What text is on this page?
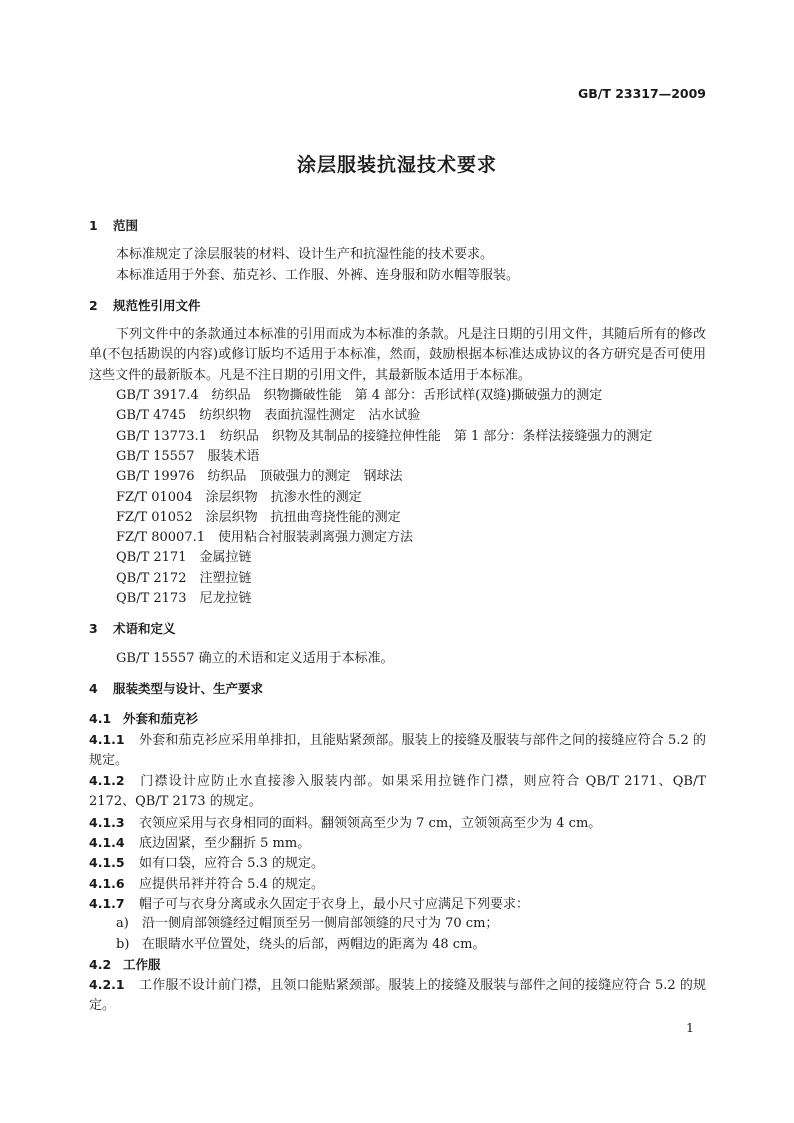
GB/T 23317—2009
涂层服装抗湿技术要求
1 范围
本标准规定了涂层服装的材料、设计生产和抗湿性能的技术要求。
本标准适用于外套、茄克衫、工作服、外裤、连身服和防水帽等服装。
2 规范性引用文件
下列文件中的条款通过本标准的引用而成为本标准的条款。凡是注日期的引用文件，其随后所有的修改单(不包括勘误的内容)或修订版均不适用于本标准，然而，鼓励根据本标准达成协议的各方研究是否可使用这些文件的最新版本。凡是不注日期的引用文件，其最新版本适用于本标准。
GB/T 3917.4　纺织品　织物撕破性能　第 4 部分：舌形试样(双缝)撕破强力的测定
GB/T 4745　纺织织物　表面抗湿性测定　沾水试验
GB/T 13773.1　纺织品　织物及其制品的接缝拉伸性能　第 1 部分：条样法接缝强力的测定
GB/T 15557　服装术语
GB/T 19976　纺织品　顶破强力的测定　钢球法
FZ/T 01004　涂层织物　抗渗水性的测定
FZ/T 01052　涂层织物　抗扭曲弯挠性能的测定
FZ/T 80007.1　使用粘合衬服装剥离强力测定方法
QB/T 2171　金属拉链
QB/T 2172　注塑拉链
QB/T 2173　尼龙拉链
3 术语和定义
GB/T 15557 确立的术语和定义适用于本标准。
4 服装类型与设计、生产要求
4.1 外套和茄克衫
4.1.1 外套和茄克衫应采用单排扣，且能贴紧颈部。服装上的接缝及服装与部件之间的接缝应符合 5.2 的规定。
4.1.2 门襟设计应防止水直接渗入服装内部。如果采用拉链作门襟，则应符合 QB/T 2171、QB/T 2172、QB/T 2173 的规定。
4.1.3 衣领应采用与衣身相同的面料。翻领领高至少为 7 cm，立领领高至少为 4 cm。
4.1.4 底边固紧，至少翻折 5 mm。
4.1.5 如有口袋，应符合 5.3 的规定。
4.1.6 应提供吊袢并符合 5.4 的规定。
4.1.7 帽子可与衣身分离或永久固定于衣身上，最小尺寸应满足下列要求：
a) 沿一侧肩部领缝经过帽顶至另一侧肩部领缝的尺寸为 70 cm；
b) 在眼睛水平位置处，绕头的后部，两帽边的距离为 48 cm。
4.2 工作服
4.2.1 工作服不设计前门襟，且领口能贴紧颈部。服装上的接缝及服装与部件之间的接缝应符合 5.2 的规定。
1
